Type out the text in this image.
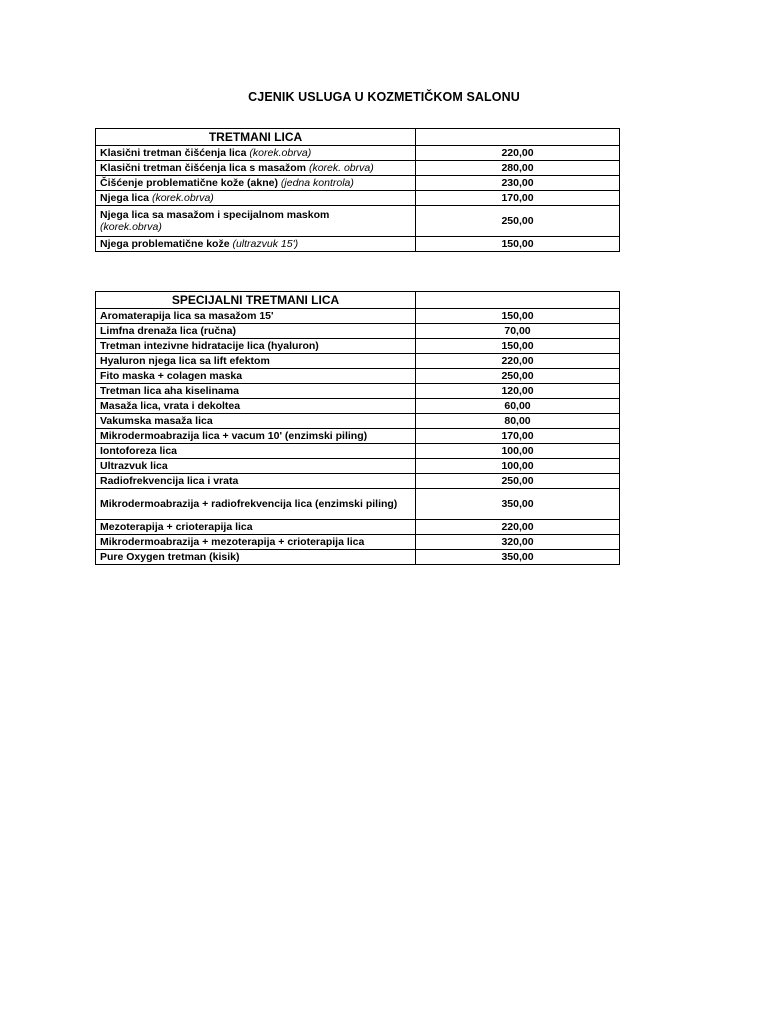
CJENIK USLUGA U KOZMETIČKOM SALONU
TRETMANI LICA	
Klasični tretman čišćenja lica (korek.obrva)	220,00
Klasični tretman čišćenja lica s masažom (korek. obrva)	280,00
Čišćenje problematične kože (akne) (jedna kontrola)	230,00
Njega lica (korek.obrva)	170,00
Njega lica sa masažom i specijalnom maskom
(korek.obrva)	250,00
Njega problematične kože (ultrazvuk 15')	150,00
SPECIJALNI TRETMANI LICA	
Aromaterapija lica sa masažom 15'	150,00
Limfna drenaža lica (ručna)	70,00
Tretman intezivne hidratacije lica (hyaluron)	150,00
Hyaluron njega lica sa lift efektom	220,00
Fito maska + colagen maska	250,00
Tretman lica aha kiselinama	120,00
Masaža lica, vrata i dekoltea	60,00
Vakumska masaža lica	80,00
Mikrodermoabrazija lica + vacum 10' (enzimski piling)	170,00
Iontoforeza lica	100,00
Ultrazvuk lica	100,00
Radiofrekvencija lica i vrata	250,00
Mikrodermoabrazija + radiofrekvencija lica (enzimski piling)	350,00
Mezoterapija + crioterapija lica	220,00
Mikrodermoabrazija + mezoterapija + crioterapija lica	320,00
Pure Oxygen tretman (kisik)	350,00
